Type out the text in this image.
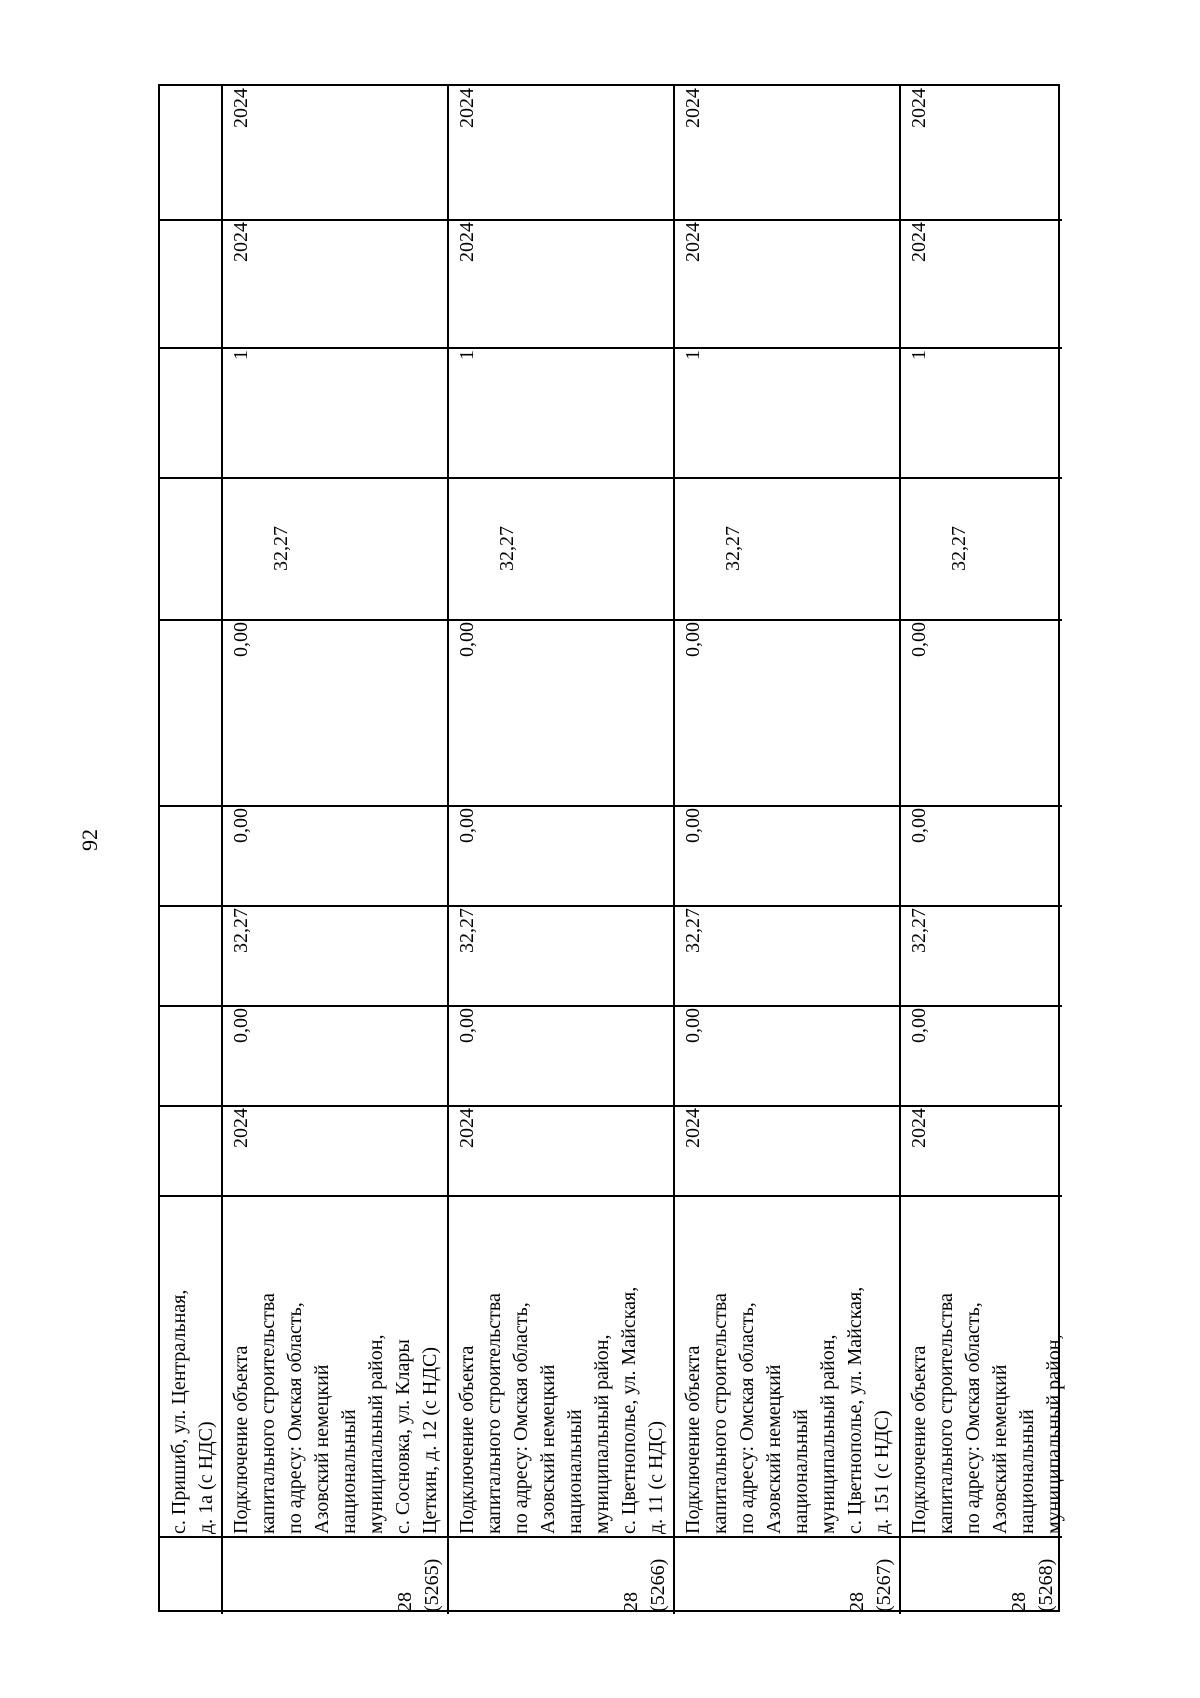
92
с. Пришиб, ул. Центральная,
д. 1а (с НДС)
28
(5265)
2024
2024
1
32,27
0,00
0,00
32,27
0,00
2024
Подключение объекта
капитального строительства
по адресу: Омская область,
Азовский немецкий
национальный
муниципальный район,
с. Сосновка, ул. Клары
Цеткин, д. 12 (с НДС)
28
(5266)
2024
2024
1
32,27
0,00
0,00
32,27
0,00
2024
Подключение объекта
капитального строительства
по адресу: Омская область,
Азовский немецкий
национальный
муниципальный район,
с. Цветнополье, ул. Майская,
д. 11 (с НДС)
28
(5267)
2024
2024
1
32,27
0,00
0,00
32,27
0,00
2024
Подключение объекта
капитального строительства
по адресу: Омская область,
Азовский немецкий
национальный
муниципальный район,
с. Цветнополье, ул. Майская,
д. 151 (с НДС)
28
(5268)
2024
2024
1
32,27
0,00
0,00
32,27
0,00
2024
Подключение объекта
капитального строительства
по адресу: Омская область,
Азовский немецкий
национальный
муниципальный район,
